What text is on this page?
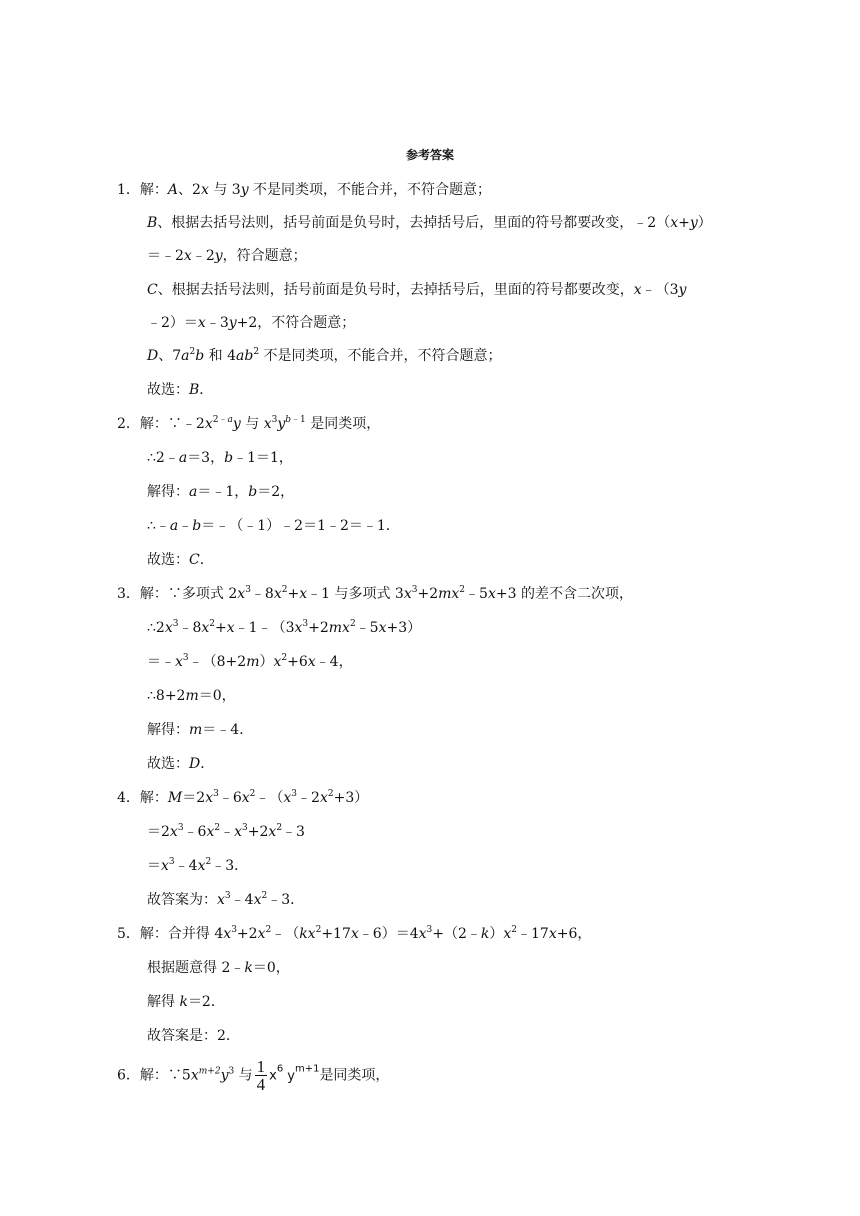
参考答案
1．解：A、2x 与 3y 不是同类项，不能合并，不符合题意；
B、根据去括号法则，括号前面是负号时，去掉括号后，里面的符号都要改变，﹣2（x+y）
＝﹣2x﹣2y，符合题意；
C、根据去括号法则，括号前面是负号时，去掉括号后，里面的符号都要改变，x﹣（3y
﹣2）＝x﹣3y+2，不符合题意；
D、$7a^2b$ 和 $4ab^2$ 不是同类项，不能合并，不符合题意；
故选：B．
2．解：$\because﹣2x^{2﹣a}y$ 与 $x^3y^{b﹣1}$ 是同类项，
∴2﹣a＝3，b﹣1＝1，
解得：a＝﹣1，b＝2，
∴﹣a﹣b＝﹣（﹣1）﹣2＝1﹣2＝﹣1．
故选：C．
3．解：∵多项式 $2x^3﹣8x^2+x﹣1$ 与多项式 $3x^3+2mx^2﹣5x+3$ 的差不含二次项，
$\therefore 2x^3﹣8x^2+x﹣1﹣(3x^3+2mx^2﹣5x+3)$
$=﹣x^3﹣(8+2m)x^2+6x﹣4$，
∴8+2m＝0，
解得：m＝﹣4．
故选：D．
4．解：$M=2x^3﹣6x^2﹣(x^3﹣2x^2+3)$
$=2x^3﹣6x^2﹣x^3+2x^2﹣3$
$=x^3﹣4x^2﹣3$．
故答案为：$x^3﹣4x^2﹣3$．
5．解：合并得 $4x^3+2x^2﹣(kx^2+17x﹣6)=4x^3+(2﹣k)x^2﹣17x+6$，
根据题意得 2﹣k＝0，
解得 k＝2．
故答案是：2．
6．解：$\because 5x^{m+2}y^3$ 与 $\frac{1}{4} x^6$ $y^{m+1}$是同类项，
